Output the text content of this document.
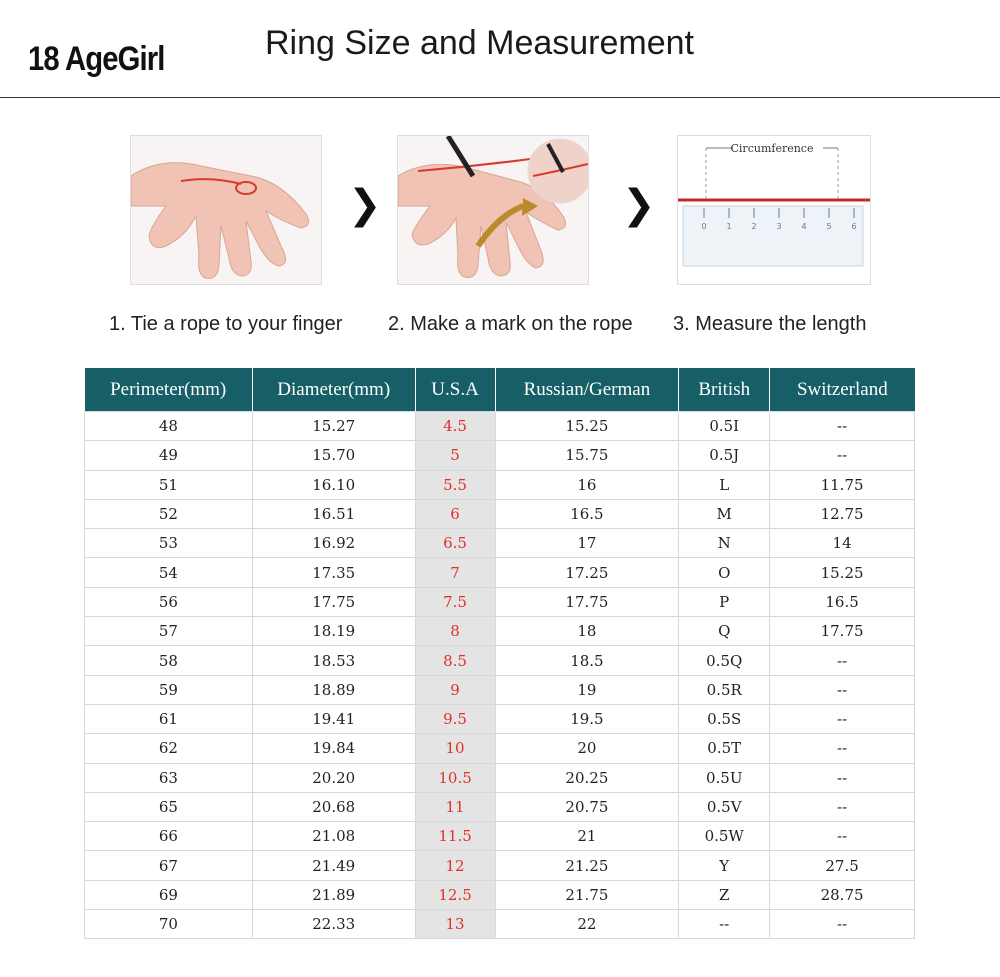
18 AgeGirl	Ring Size and Measurement
❯	❯
Circumference
0 1 2 3 4 5 6
1. Tie a rope to your finger 2. Make a mark on the rope 3. Measure the length
Perimeter(mm)	Diameter(mm)	U.S.A	Russian/German	British	Switzerland
48	15.27	4.5	15.25	0.5I	--
49	15.70	5	15.75	0.5J	--
51	16.10	5.5	16	L	11.75
52	16.51	6	16.5	M	12.75
53	16.92	6.5	17	N	14
54	17.35	7	17.25	O	15.25
56	17.75	7.5	17.75	P	16.5
57	18.19	8	18	Q	17.75
58	18.53	8.5	18.5	0.5Q	--
59	18.89	9	19	0.5R	--
61	19.41	9.5	19.5	0.5S	--
62	19.84	10	20	0.5T	--
63	20.20	10.5	20.25	0.5U	--
65	20.68	11	20.75	0.5V	--
66	21.08	11.5	21	0.5W	--
67	21.49	12	21.25	Y	27.5
69	21.89	12.5	21.75	Z	28.75
70	22.33	13	22	--	--
